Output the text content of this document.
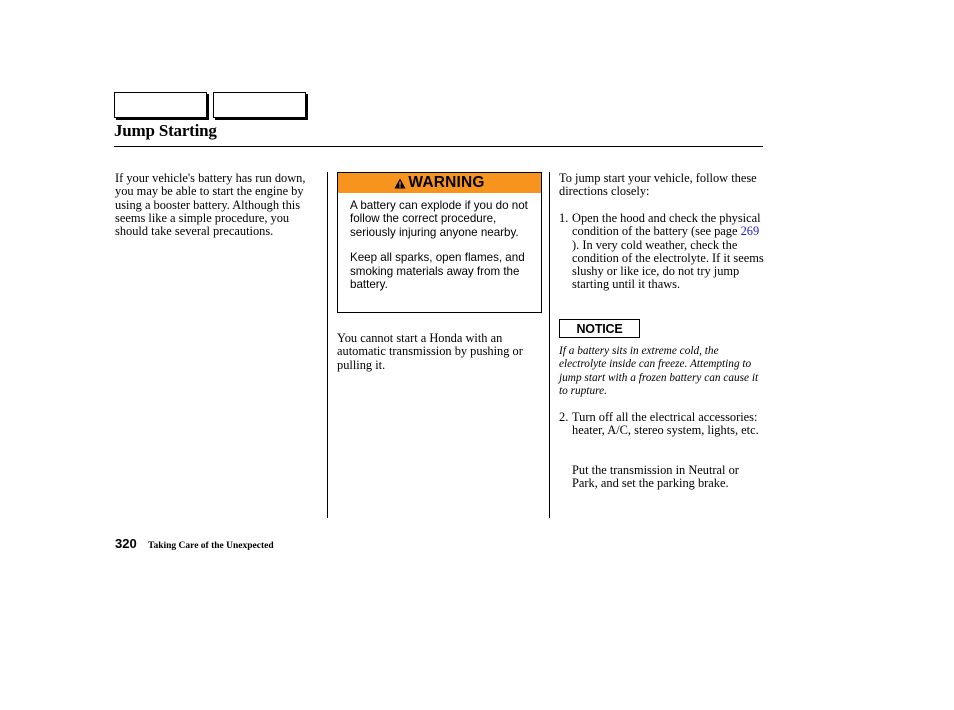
Jump Starting
If your vehicle's battery has run down, you may be able to start the engine by using a booster battery. Although this seems like a simple procedure, you should take several precautions.
WARNING

A battery can explode if you do not follow the correct procedure, seriously injuring anyone nearby.

Keep all sparks, open flames, and smoking materials away from the battery.

You cannot start a Honda with an automatic transmission by pushing or pulling it.
To jump start your vehicle, follow these directions closely:
1. Open the hood and check the physical condition of the battery (see page 269 ). In very cold weather, check the condition of the electrolyte. If it seems slushy or like ice, do not try jump starting until it thaws.
NOTICE
If a battery sits in extreme cold, the electrolyte inside can freeze. Attempting to jump start with a frozen battery can cause it to rupture.
2. Turn off all the electrical accessories: heater, A/C, stereo system, lights, etc.
Put the transmission in Neutral or Park, and set the parking brake.
320 Taking Care of the Unexpected
